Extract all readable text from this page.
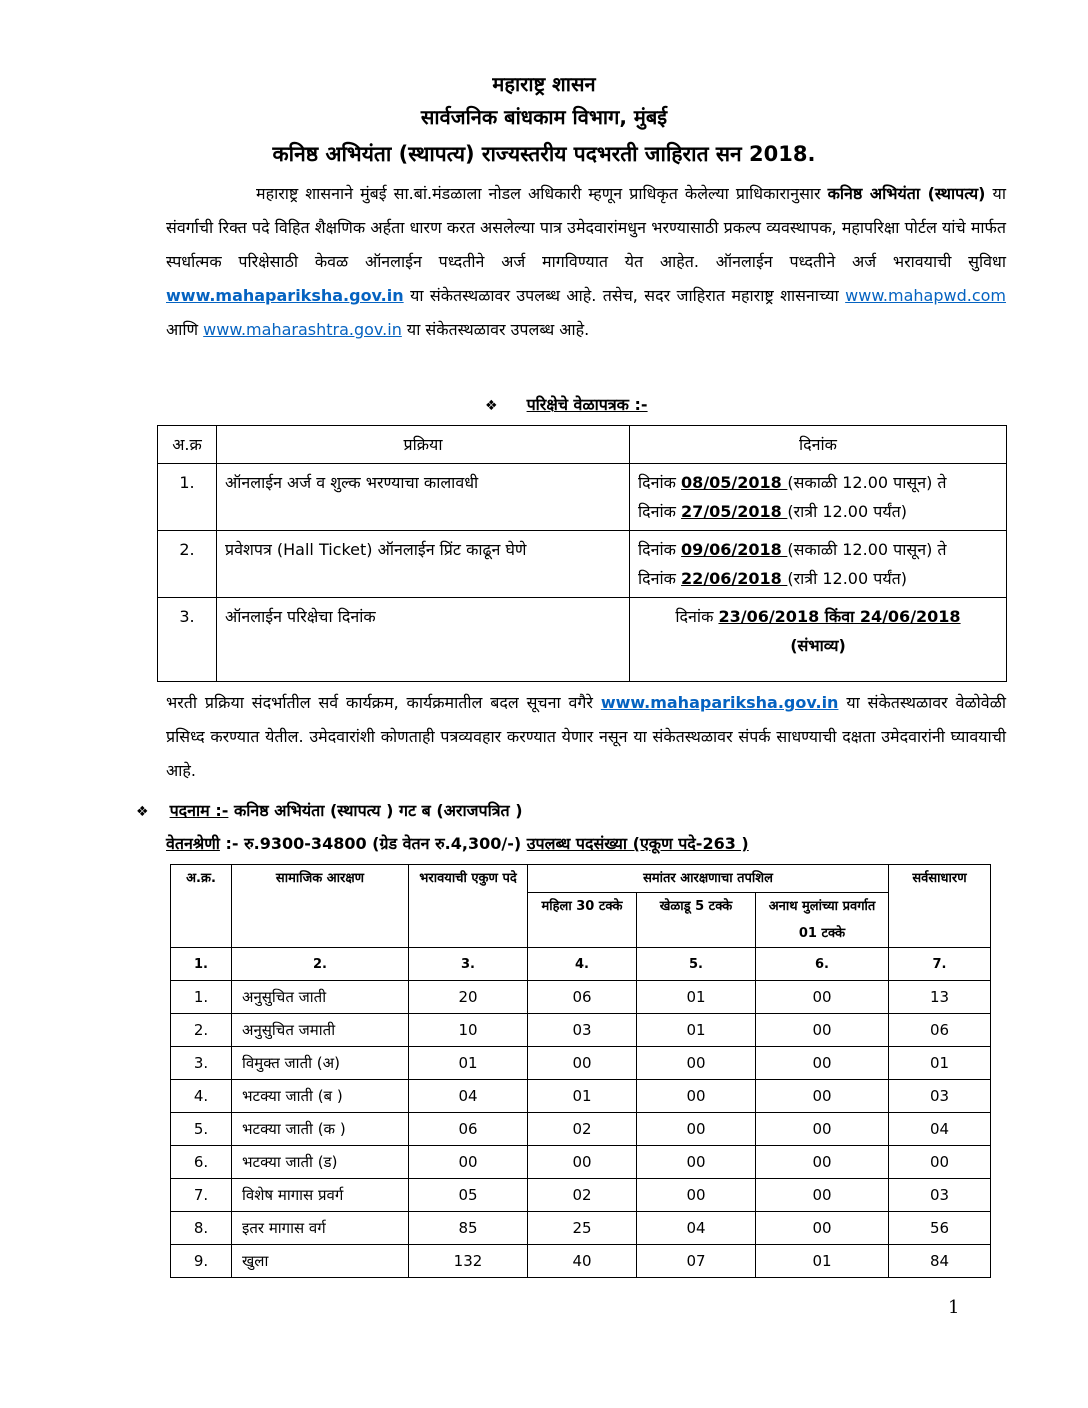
महाराष्ट्र शासन
सार्वजनिक बांधकाम विभाग, मुंबई
कनिष्ठ अभियंता (स्थापत्य) राज्यस्तरीय पदभरती जाहिरात सन 2018.
महाराष्ट्र शासनाने मुंबई सा.बां.मंडळाला नोडल अधिकारी म्हणून प्राधिकृत केलेल्या प्राधिकारानुसार कनिष्ठ अभियंता (स्थापत्य) या संवर्गाची रिक्त पदे विहित शैक्षणिक अर्हता धारण करत असलेल्या पात्र उमेदवारांमधुन भरण्यासाठी प्रकल्प व्यवस्थापक, महापरिक्षा पोर्टल यांचे मार्फत स्पर्धात्मक परिक्षेसाठी केवळ ऑनलाईन पध्दतीने अर्ज मागविण्यात येत आहेत. ऑनलाईन पध्दतीने अर्ज भरावयाची सुविधा www.mahapariksha.gov.in या संकेतस्थळावर उपलब्ध आहे. तसेच, सदर जाहिरात महाराष्ट्र शासनाच्या www.mahapwd.com आणि www.maharashtra.gov.in या संकेतस्थळावर उपलब्ध आहे.
❖ परिक्षेचे वेळापत्रक :-
अ.क्र	प्रक्रिया	दिनांक
1.	ऑनलाईन अर्ज व शुल्क भरण्याचा कालावधी	दिनांक 08/05/2018 (सकाळी 12.00 पासून) ते
दिनांक 27/05/2018 (रात्री 12.00 पर्यंत)
2.	प्रवेशपत्र (Hall Ticket) ऑनलाईन प्रिंट काढून घेणे	दिनांक 09/06/2018 (सकाळी 12.00 पासून) ते
दिनांक 22/06/2018 (रात्री 12.00 पर्यंत)
3.	ऑनलाईन परिक्षेचा दिनांक	दिनांक 23/06/2018 किंवा 24/06/2018
(संभाव्य)
भरती प्रक्रिया संदर्भातील सर्व कार्यक्रम, कार्यक्रमातील बदल सूचना वगैरे www.mahapariksha.gov.in या संकेतस्थळावर वेळोवेळी प्रसिध्द करण्यात येतील. उमेदवारांशी कोणताही पत्रव्यवहार करण्यात येणार नसून या संकेतस्थळावर संपर्क साधण्याची दक्षता उमेदवारांनी घ्यावयाची आहे.
❖ पदनाम :- कनिष्ठ अभियंता (स्थापत्य ) गट ब (अराजपत्रित )
वेतनश्रेणी :- रु.9300-34800 (ग्रेड वेतन रु.4,300/-) उपलब्ध पदसंख्या (एकूण पदे-263 )
अ.क्र.	सामाजिक आरक्षण	भरावयाची एकुण पदे	समांतर आरक्षणाचा तपशिल			सर्वसाधारण
			महिला 30 टक्के	खेळाडू 5 टक्के	अनाथ मुलांच्या प्रवर्गात 01 टक्के	
1.	2.	3.	4.	5.	6.	7.
1.	अनुसुचित जाती	20	06	01	00	13
2.	अनुसुचित जमाती	10	03	01	00	06
3.	विमुक्त जाती (अ)	01	00	00	00	01
4.	भटक्या जाती (ब )	04	01	00	00	03
5.	भटक्या जाती (क )	06	02	00	00	04
6.	भटक्या जाती (ड)	00	00	00	00	00
7.	विशेष मागास प्रवर्ग	05	02	00	00	03
8.	इतर मागास वर्ग	85	25	04	00	56
9.	खुला	132	40	07	01	84
1
